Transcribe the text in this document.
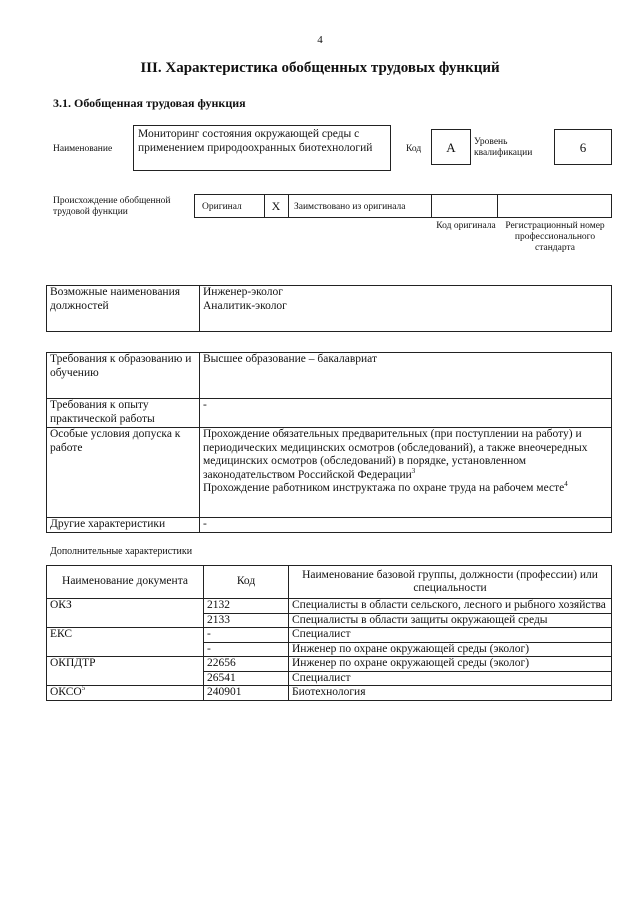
4
III. Характеристика обобщенных трудовых функций
3.1. Обобщенная трудовая функция
Наименование
Мониторинг состояния окружающей среды с применением природоохранных биотехнологий	Код	A	Уровень квалификации	6
Происхождение обобщенной трудовой функции	Оригинал	X	Заимствовано из оригинала
Код оригинала	Регистрационный номер профессионального стандарта
Возможные наименования должностей	
Инженер-эколог
Аналитик-эколог
Требования к образованию и обучению	Высшее образование – бакалавриат
Требования к опыту практической работы	-
Особые условия допуска к работе	Прохождение обязательных предварительных (при поступлении на работу) и периодических медицинских осмотров (обследований), а также внеочередных медицинских осмотров (обследований) в порядке, установленном законодательством Российской Федерации$^3$
Прохождение работником инструктажа по охране труда на рабочем месте$^4$
Другие характеристики	-
Дополнительные характеристики
Наименование документа	Код	Наименование базовой группы, должности (профессии) или специальности
ОКЗ	2132	Специалисты в области сельского, лесного и рыбного хозяйства
	2133	Специалисты в области защиты окружающей среды
ЕКС	-	Специалист
	-	Инженер по охране окружающей среды (эколог)
ОКПДТР	22656	Инженер по охране окружающей среды (эколог)
	26541	Специалист
ОКСО$^5$	240901	Биотехнология
